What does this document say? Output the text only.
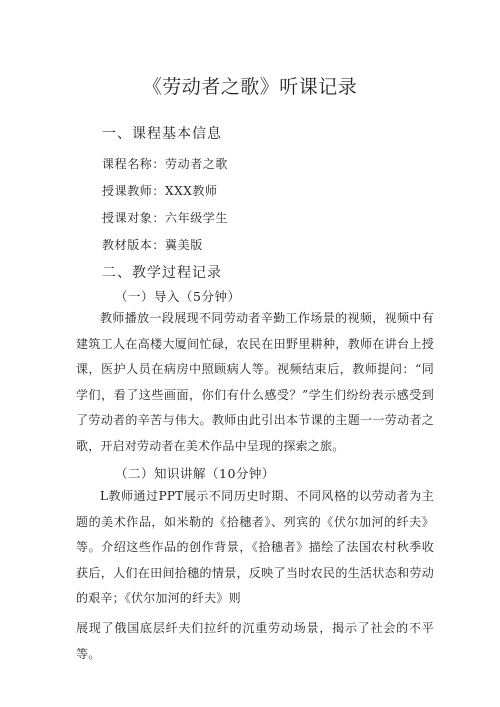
《劳动者之歌》听课记录
一、课程基本信息
课程名称：劳动者之歌
授课教师：XXX教师
授课对象：六年级学生
教材版本：冀美版
二、教学过程记录
（一）导入（5分钟）

教师播放一段展现不同劳动者辛勤工作场景的视频，视频中有建筑工人在高楼大厦间忙碌，农民在田野里耕种，教师在讲台上授课，医护人员在病房中照顾病人等。视频结束后，教师提问：“同学们，看了这些画面，你们有什么感受？”学生们纷纷表示感受到了劳动者的辛苦与伟大。教师由此引出本节课的主题一一劳动者之歌，开启对劳动者在美术作品中呈现的探索之旅。

（二）知识讲解（10分钟）

L教师通过PPT展示不同历史时期、不同风格的以劳动者为主题的美术作品，如米勒的《拾穗者》、列宾的《伏尔加河的纤夫》等。介绍这些作品的创作背景，《拾穗者》描绘了法国农村秋季收获后，人们在田间拾穗的情景，反映了当时农民的生活状态和劳动的艰辛；《伏尔加河的纤夫》则

展现了俄国底层纤夫们拉纤的沉重劳动场景，揭示了社会的不平等。
